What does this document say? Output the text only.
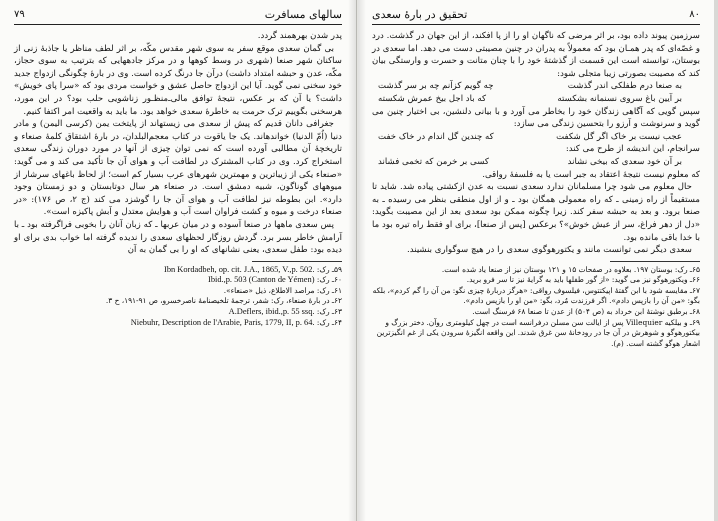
۷۹	سالهای مسافرت

پدر شدن بهرهمند گردد.

بی گمان سعدی موقع سفر به سوی شهر مقدس مکّه، بر اثر لطف مناظر یا جاذبهٔ زنی از ساکنان شهر صنعا (شهری در وسط کوهها و در مرکز جادههایی که بترتیب به سوی حجاز، مکّه، عدن و حبشه امتداد داشت) درآن جا درنگ کرده است. وی در بارهٔ چگونگی ازدواج جدید خود سخنی نمی گوید. آیا این ازدواج حاصل عشق و خواست مردی بود که «سرا پای خویش» داشت؟ یا آن که بر عکس، نتیجهٔ توافق مالی‌ـ‌منظـور زناشویی حلب بود؟ در این مورد، هرسخنی بگوییم ترک حرمت به خاطرهٔ سعدی خواهد بود. ما باید به واقعیت امر اکتفا کنیم.

جغرافی دانان قدیم که پیش از سعدی می زیستهاند از پایتخت یمن (کرسی الیمن) و مادر دنیا (اُمّ الدنیا) خواندهاند. یک جا یاقوت در کتاب معجم‌البلدان، در بارهٔ اشتقاق کلمهٔ صنعاء و تاریخچهٔ آن مطالبی آورده است که نمی توان چیزی از آنها در مورد دوران زندگی سعدی استخراج کرد. وی در کتاب المشترک در لطافت آب و هوای آن جا تأکید می کند و می گوید: «صنعاء یکی از زیباترین و مهمترین شهرهای عرب بسیار کم است؛ از لحاظ باغهای سرشار از میوههای گوناگون، شبیه دمشق است. در صنعاء هر سال دوتابستان و دو زمستان وجود دارد». ابن بطوطه نیز لطافت آب و هوای آن جا را گوشزد می کند (ج ۲، ص ۱۷۶): «در صنعاء درخت و میوه و کشت فراوان است آب و هوایش معتدل و آبش پاکیزه است».

پس سعدی ماهها در صنعا آسوده و در میان عربها ـ که زبان آنان را بخوبی فراگرفته بود ـ با آرامش خاطر بسر برد. گردش روزگار لحظهای سعدی را ندیده گرفته اما خواب بدی برای او دیده بود: طفل سعدی، یعنی نشانهای که او را بی گمان به آن

۵۹ـ رک: Ibn Kordadbeh, op. cit. J.A., 1865, V.,p. 502.

۶۰ـ رک: Ibid.,p. 503 (Canton de Yémen)

۶۱ـ رک: مراصد الاطلاع، ذیل «صنعاء».

۶۲ـ در بارهٔ صنعاء، رک: شفر، ترجمهٔ تلخیصنامهٔ ناصرخسرو، ص ۹۱-۱۹۱، ح ۳.

۶۳ـ رک: A.Deflers, ibid.,p. 55 ssq.

۶۴ـ رک: Niebuhr, Description de l'Arabie, Paris, 1779, II, p. 64.

تحقیق در بارهٔ سعدی	۸۰

سرزمین پیوند داده بود، بر اثر مرضی که ناگهان او را از پا افکند، از این جهان در گذشت. درد و غصّه‌ای که پدر همـان بود که معمولاً به پدران در چنین مصیبتی دست می دهد. اما سعدی در بوستان، توانسته است این قسمت از گذشتهٔ خود را با چنان متانت و حسرت و وارستگی بیان کند که مصیبت بصورتی زیبا متجلی شود:

به صنعا درم طفلکی اندر گذشت
چه گویم کزآنم چه بر سر گذشت
بر آیین باغ سروی نسنمانه بشکسته
که باد اجل بیخ عمرش شکسته

سپس گویی که آگاهی زندگان خود را بخاطر می آورد و با بیانی دلنشین، بی اختیار چنین می گوید و سرنوشت و آرزو را بتحسین زندگی می سازد:

عجب نیست بر خاک اگر گل شکفت
که چندین گل اندام در خاک خفت

سرانجام، این اندیشه از طرح می کند:

بر آن خود سعدی که بیخی نشاند
کسی بر خرمن که تخمی فشاند

که معلوم نیست نتیجهٔ اعتقاد به جبر است یا به فلسفهٔ رواقی.

حال معلوم می شود چرا مسلمانان ندارد سعدی نسبت به عدن ازکشتی پیاده شد. شاید تا مستقیماً از راه زمینی ـ که راه معمولی همگان بود ـ و از اول منطقی بنظر می رسیده ـ به صنعا برود. و بعد به حبشه سفر کند. زیرا چگونه ممکن بود سعدی بعد از این مصیبت بگوید: «دل از دهر فراغ، سر از عیش خوش»؟ برعکس [پس از صنعا]، برای او فقط راه تیره بود ما با خدا باقی مانده بود.

سعدی دیگر نمی توانست مانند و یکتورهوگوی سعدی را در هیچ سوگواری بنشیند.

۶۵ـ رک: بوستان ۱۹۷. بعلاوه در صفحات ۱۵ و ۱۲۱ بوستان نیز از صنعا یاد شده است.

۶۶ـ ویکتورهوگو نیز می گوید: «از گور طفلها باید به گرایهٔ نیز تا سر فرو برید.

۶۷ـ مقایسه شود با ابن گفتهٔ اپیکتتوس، فیلسوف رواقی: «هرگز دربارهٔ چیزی نگو: من آن را گم کردم»، بلکه بگو: «من آن را بازپس دادم». اگر فرزندت مُرد، بگو: «من او را بازپس دادم».

۶۸ـ برطبق نوشتهٔ ابن خرداد به (ص ۵۰۴) از عدن تا صنعا ۶۸ فرسنگ است.

۶۹ـ و بیلکیه Villequier پس از ایالت سن مسلن درفرانسه است در چهل کیلومتری روآن. دختر بزرگ و بیکتورهوگو و شوهرش در آن جا در رودخانهٔ سن غرق شدند. این واقعه انگیزهٔ سرودن یکی از غم انگیزترین اشعار هوگو گشته است. (م).
